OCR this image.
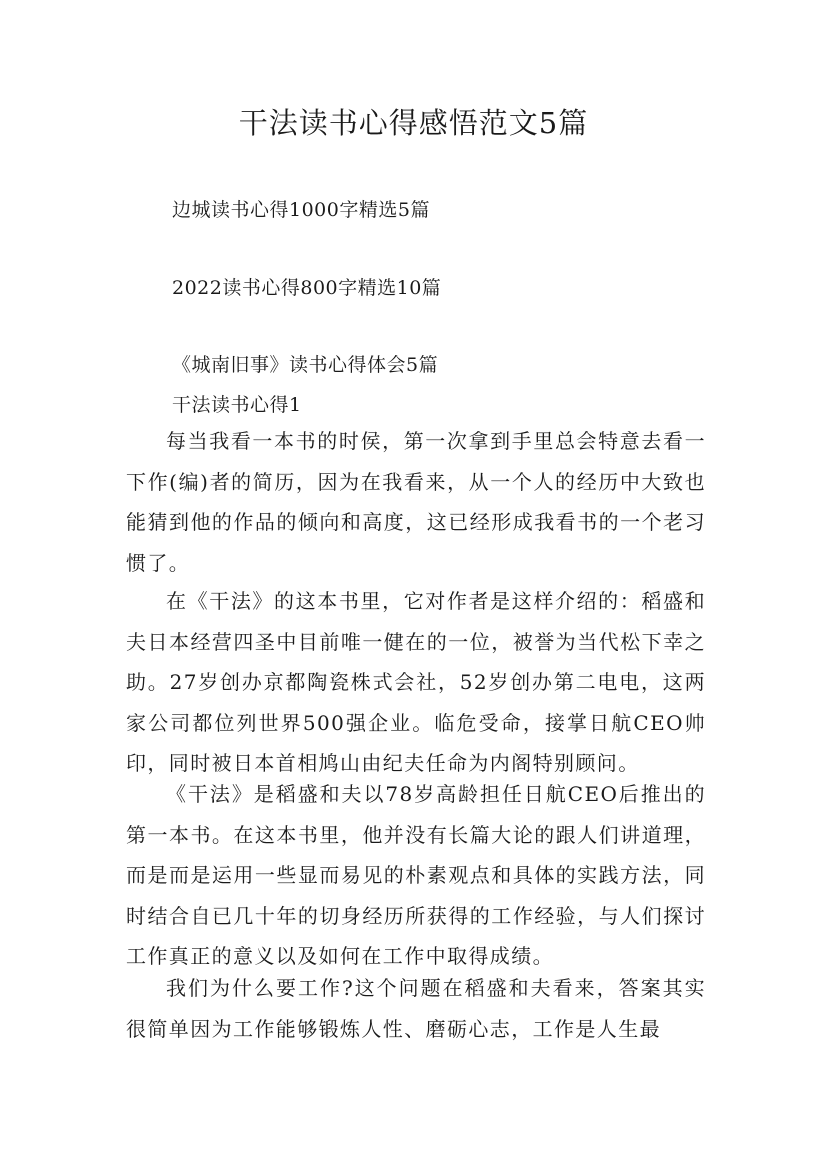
干法读书心得感悟范文5篇
边城读书心得1000字精选5篇
2022读书心得800字精选10篇
《城南旧事》读书心得体会5篇
干法读书心得1

每当我看一本书的时侯，第一次拿到手里总会特意去看一下作(编)者的简历，因为在我看来，从一个人的经历中大致也能猜到他的作品的倾向和高度，这已经形成我看书的一个老习惯了。

在《干法》的这本书里，它对作者是这样介绍的：稻盛和夫日本经营四圣中目前唯一健在的一位，被誉为当代松下幸之助。27岁创办京都陶瓷株式会社，52岁创办第二电电，这两家公司都位列世界500强企业。临危受命，接掌日航CEO帅印，同时被日本首相鸠山由纪夫任命为内阁特别顾问。

《干法》是稻盛和夫以78岁高龄担任日航CEO后推出的第一本书。在这本书里，他并没有长篇大论的跟人们讲道理，而是而是运用一些显而易见的朴素观点和具体的实践方法，同时结合自已几十年的切身经历所获得的工作经验，与人们探讨工作真正的意义以及如何在工作中取得成绩。

我们为什么要工作?这个问题在稻盛和夫看来，答案其实很简单因为工作能够锻炼人性、磨砺心志，工作是人生最
